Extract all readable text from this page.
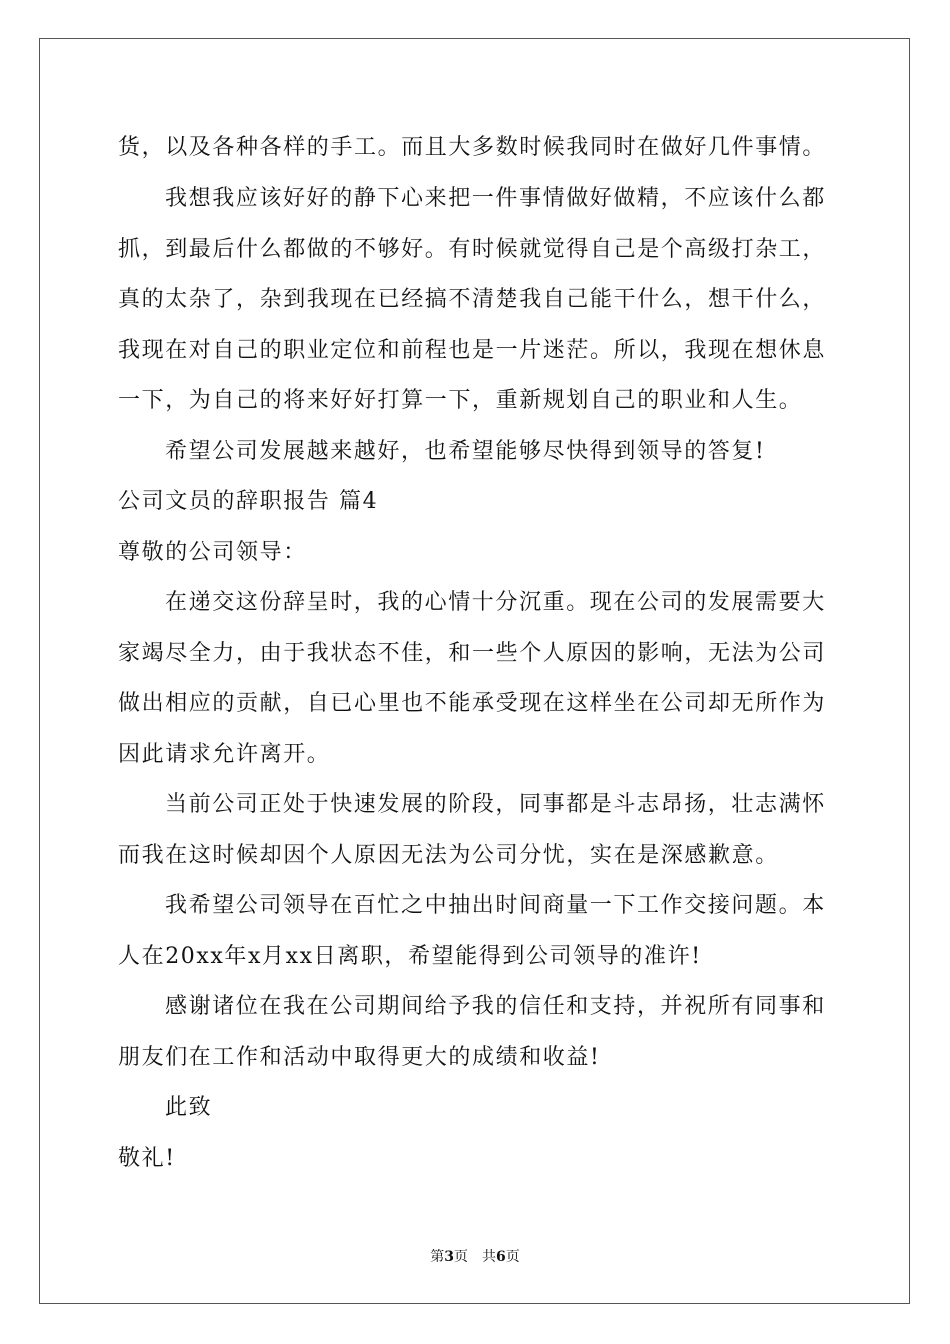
货，以及各种各样的手工。而且大多数时候我同时在做好几件事情。
我想我应该好好的静下心来把一件事情做好做精，不应该什么都
抓，到最后什么都做的不够好。有时候就觉得自己是个高级打杂工，
真的太杂了，杂到我现在已经搞不清楚我自己能干什么，想干什么，
我现在对自己的职业定位和前程也是一片迷茫。所以，我现在想休息
一下，为自己的将来好好打算一下，重新规划自己的职业和人生。
希望公司发展越来越好，也希望能够尽快得到领导的答复!
公司文员的辞职报告 篇4
尊敬的公司领导：
在递交这份辞呈时，我的心情十分沉重。现在公司的发展需要大
家竭尽全力，由于我状态不佳，和一些个人原因的影响，无法为公司
做出相应的贡献，自已心里也不能承受现在这样坐在公司却无所作为
因此请求允许离开。
当前公司正处于快速发展的阶段，同事都是斗志昂扬，壮志满怀
而我在这时候却因个人原因无法为公司分忧，实在是深感歉意。
我希望公司领导在百忙之中抽出时间商量一下工作交接问题。本
人在20xx年x月xx日离职，希望能得到公司领导的准许!
感谢诸位在我在公司期间给予我的信任和支持，并祝所有同事和
朋友们在工作和活动中取得更大的成绩和收益!
此致
敬礼!
第3页　共6页
